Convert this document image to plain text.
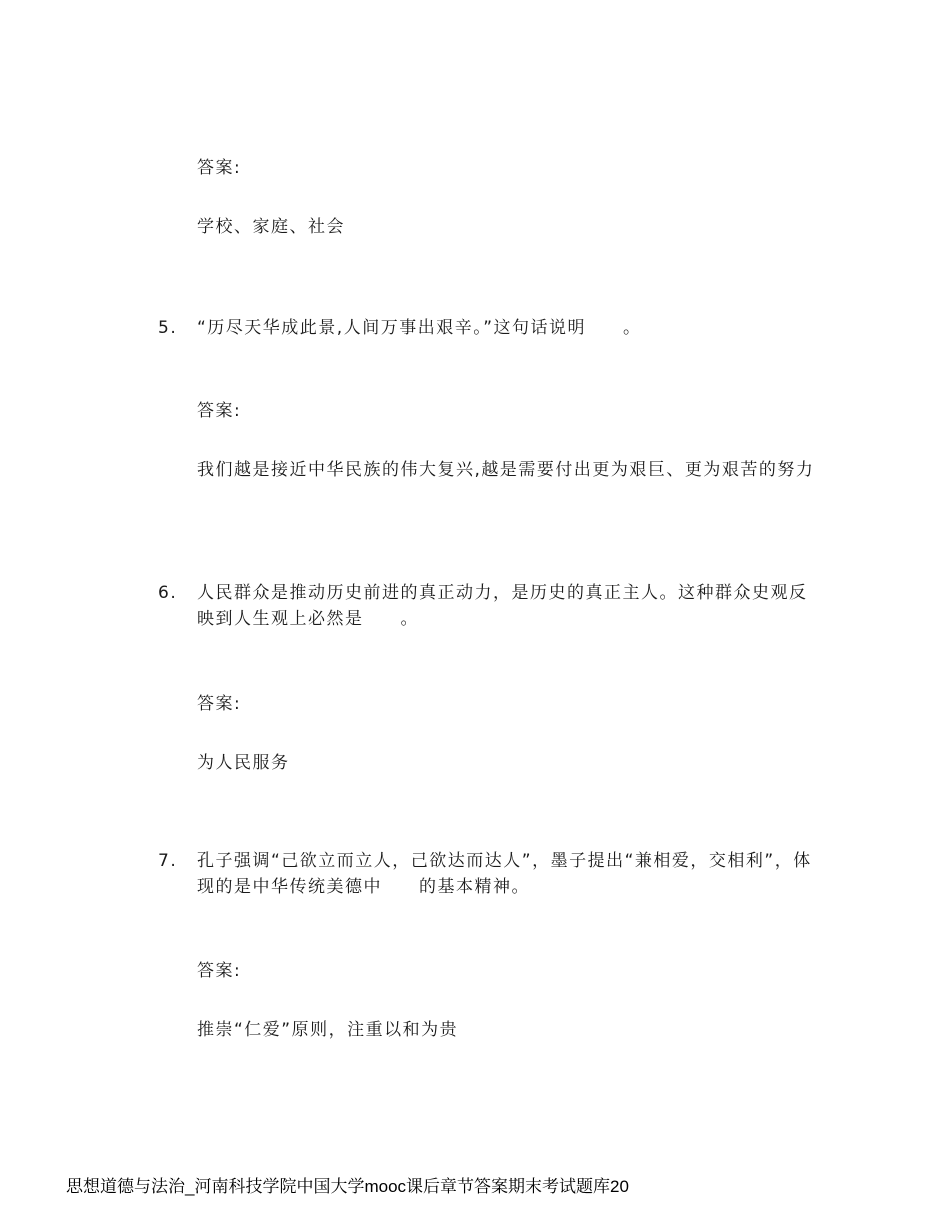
答案:
学校、家庭、社会
5. “历尽天华成此景,人间万事出艰辛。”这句话说明　　。
答案:
我们越是接近中华民族的伟大复兴,越是需要付出更为艰巨、更为艰苦的努力
6. 人民群众是推动历史前进的真正动力，是历史的真正主人。这种群众史观反映到人生观上必然是　　。
答案:
为人民服务
7. 孔子强调“己欲立而立人，己欲达而达人”，墨子提出“兼相爱，交相利”，体现的是中华传统美德中　　的基本精神。
答案:
推崇“仁爱”原则，注重以和为贵
思想道德与法治_河南科技学院中国大学mooc课后章节答案期末考试题库20
